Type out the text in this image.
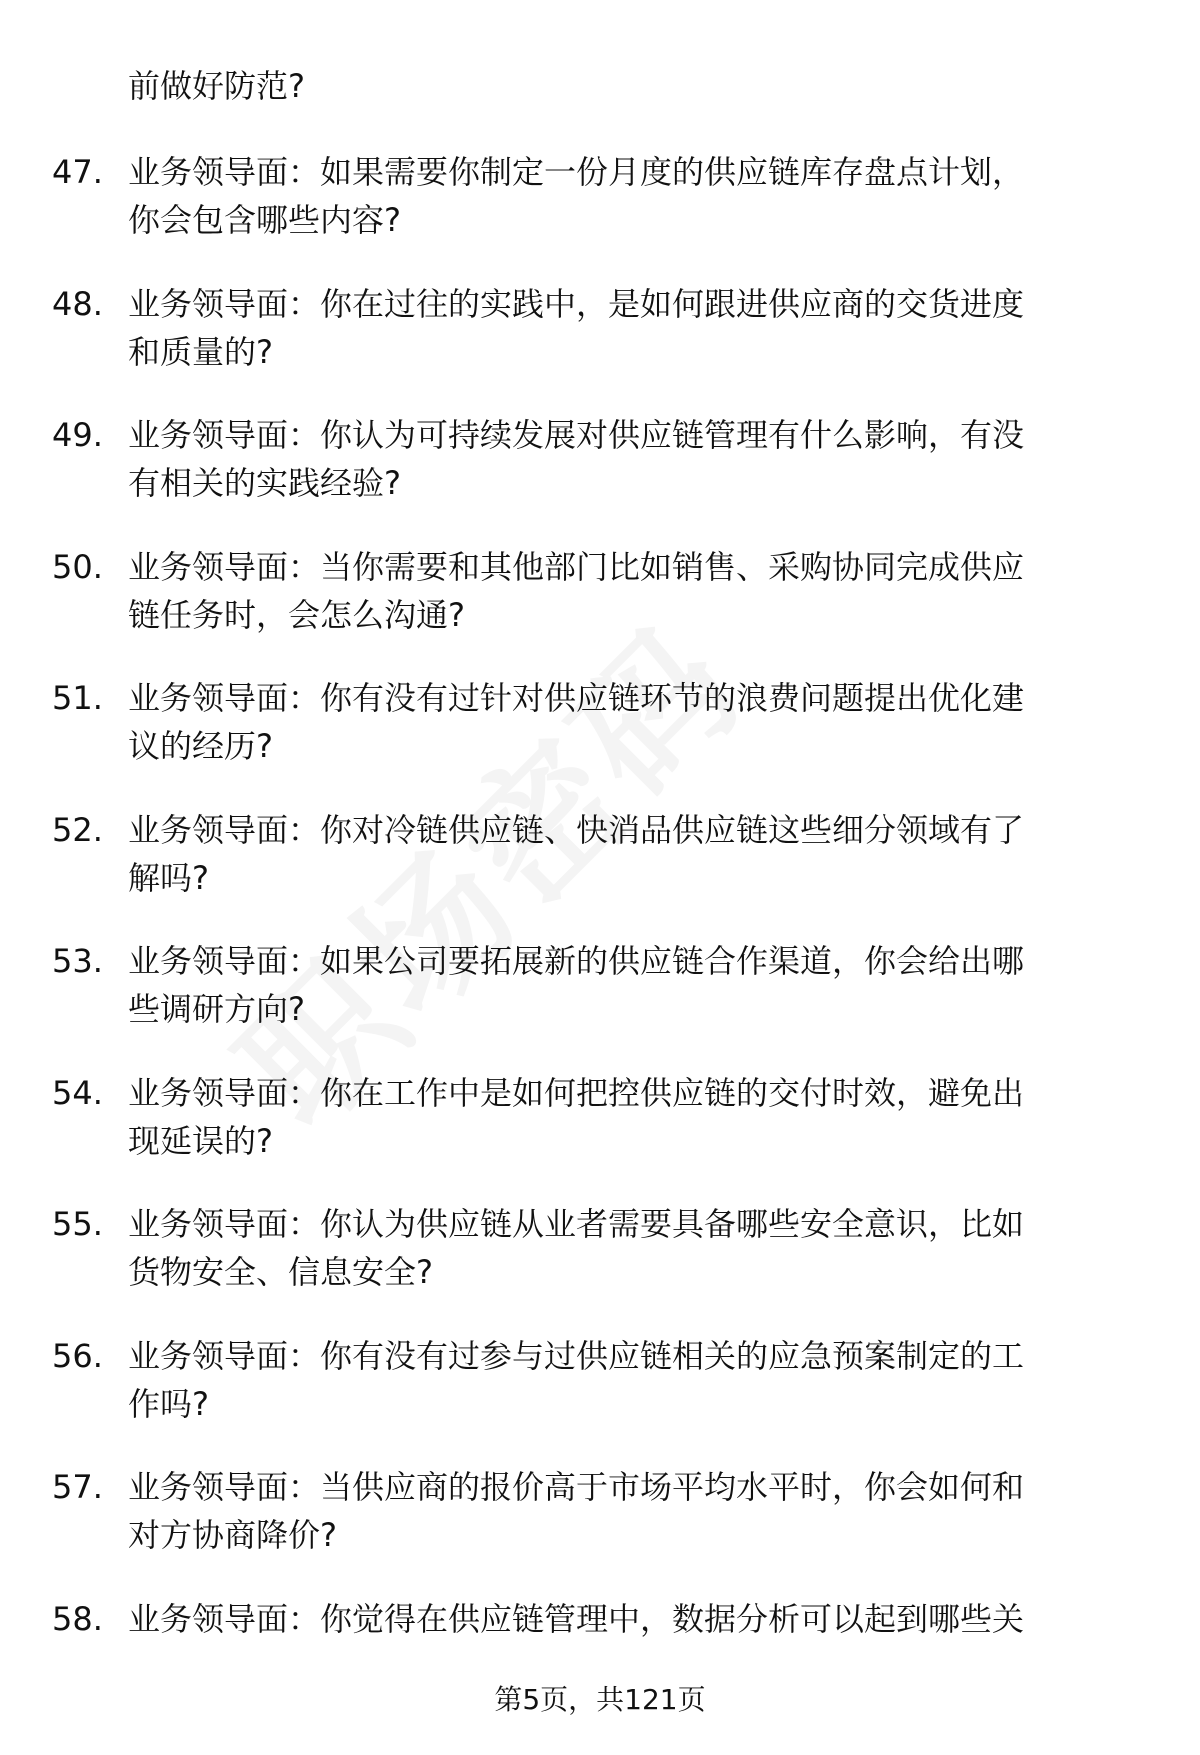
前做好防范?
47. 业务领导面：如果需要你制定一份月度的供应链库存盘点计划，
你会包含哪些内容?
48. 业务领导面：你在过往的实践中，是如何跟进供应商的交货进度
和质量的?
49. 业务领导面：你认为可持续发展对供应链管理有什么影响，有没
有相关的实践经验?
50. 业务领导面：当你需要和其他部门比如销售、采购协同完成供应
链任务时，会怎么沟通?
51. 业务领导面：你有没有过针对供应链环节的浪费问题提出优化建
议的经历?
52. 业务领导面：你对冷链供应链、快消品供应链这些细分领域有了
解吗?
53. 业务领导面：如果公司要拓展新的供应链合作渠道，你会给出哪
些调研方向?
54. 业务领导面：你在工作中是如何把控供应链的交付时效，避免出
现延误的?
55. 业务领导面：你认为供应链从业者需要具备哪些安全意识，比如
货物安全、信息安全?
56. 业务领导面：你有没有过参与过供应链相关的应急预案制定的工
作吗?
57. 业务领导面：当供应商的报价高于市场平均水平时，你会如何和
对方协商降价?
58. 业务领导面：你觉得在供应链管理中，数据分析可以起到哪些关
第5页，共121页
